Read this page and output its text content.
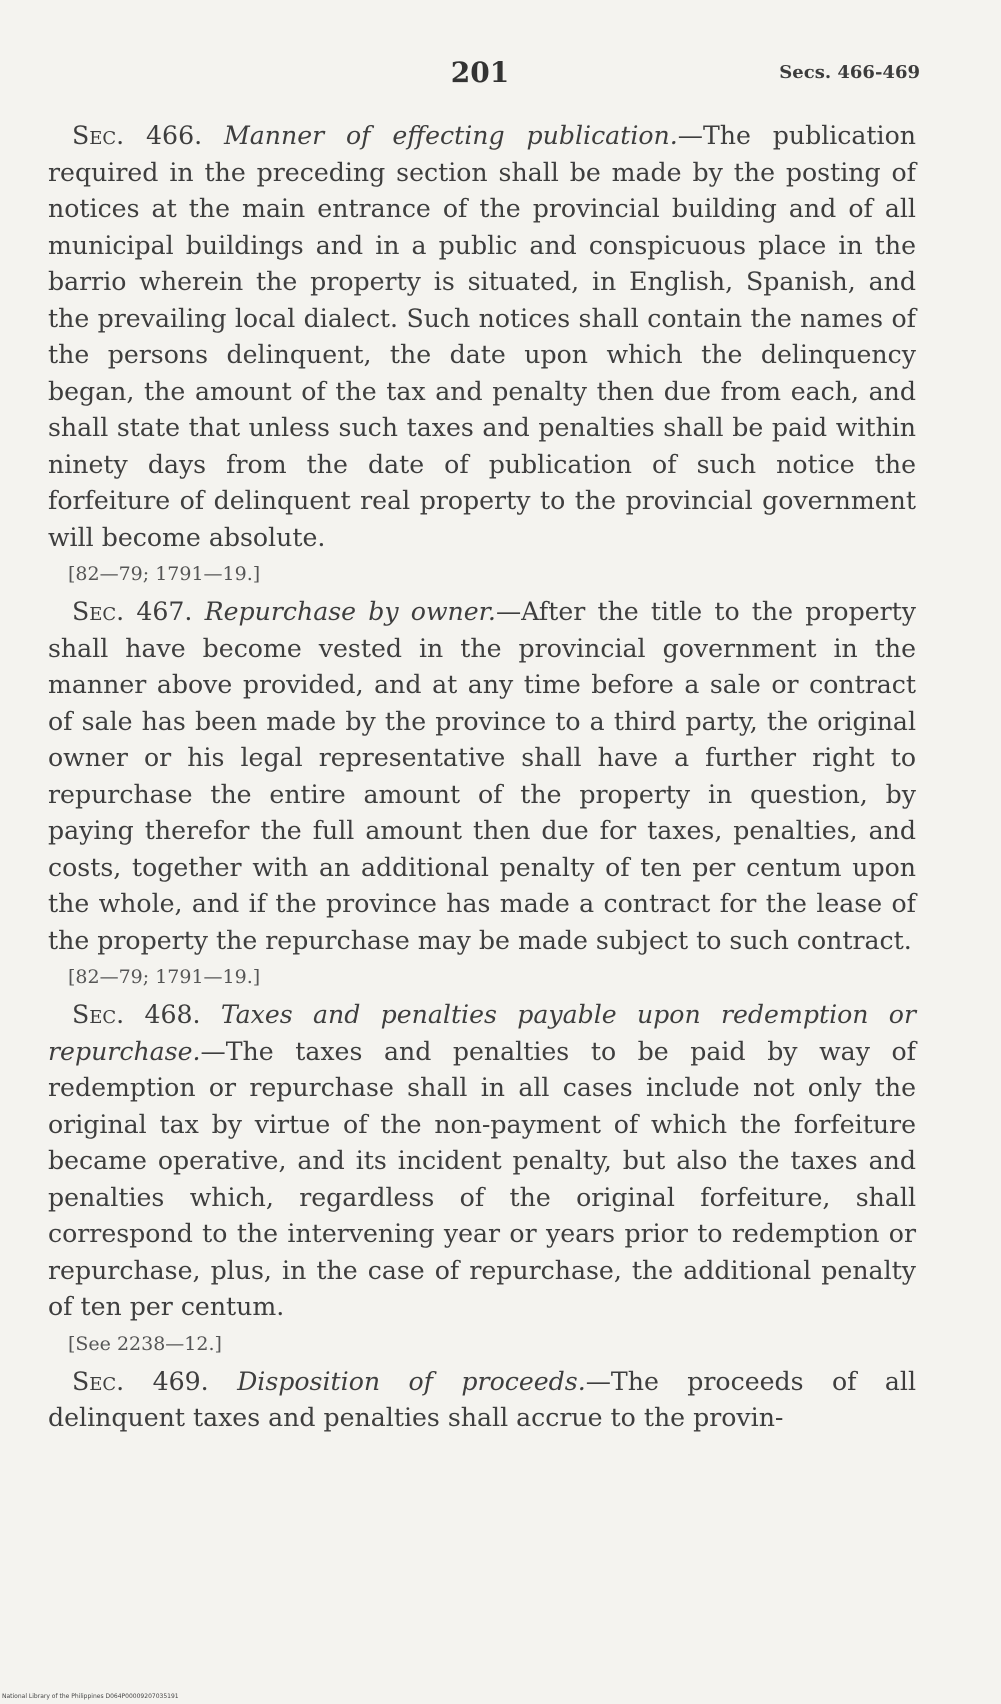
201	Secs. 466-469

Sec. 466. Manner of effecting publication.—The publication required in the preceding section shall be made by the posting of notices at the main entrance of the provincial building and of all municipal buildings and in a public and conspicuous place in the barrio wherein the property is situated, in English, Spanish, and the prevailing local dialect. Such notices shall contain the names of the persons delinquent, the date upon which the delinquency began, the amount of the tax and penalty then due from each, and shall state that unless such taxes and penalties shall be paid within ninety days from the date of publication of such notice the forfeiture of delinquent real property to the provincial government will become absolute.

[82—79; 1791—19.]

Sec. 467. Repurchase by owner.—After the title to the property shall have become vested in the provincial government in the manner above provided, and at any time before a sale or contract of sale has been made by the province to a third party, the original owner or his legal representative shall have a further right to repurchase the entire amount of the property in question, by paying therefor the full amount then due for taxes, penalties, and costs, together with an additional penalty of ten per centum upon the whole, and if the province has made a contract for the lease of the property the repurchase may be made subject to such contract.

[82—79; 1791—19.]

Sec. 468. Taxes and penalties payable upon redemption or repurchase.—The taxes and penalties to be paid by way of redemption or repurchase shall in all cases include not only the original tax by virtue of the non-payment of which the forfeiture became operative, and its incident penalty, but also the taxes and penalties which, regardless of the original forfeiture, shall correspond to the intervening year or years prior to redemption or repurchase, plus, in the case of repurchase, the additional penalty of ten per centum.

[See 2238—12.]

Sec. 469. Disposition of proceeds.—The proceeds of all delinquent taxes and penalties shall accrue to the provin-

National Library of the Philippines D064P00009207035191
